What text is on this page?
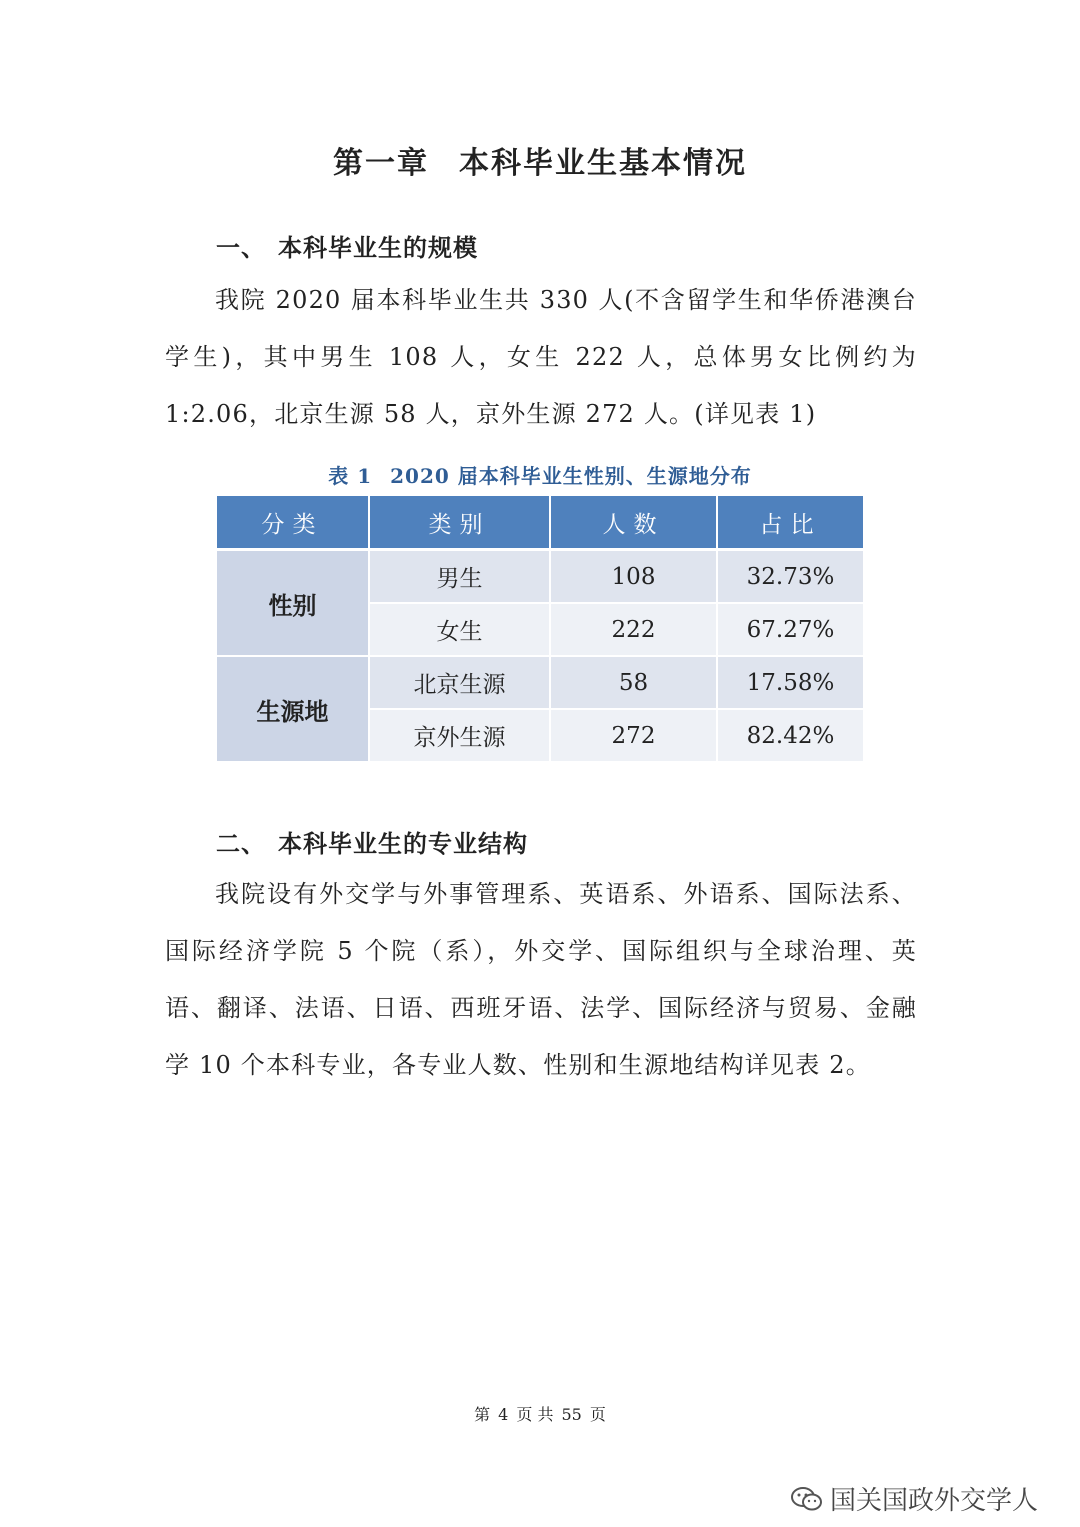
第一章 本科毕业生基本情况
一、 本科毕业生的规模

我院 2020 届本科毕业生共 330 人(不含留学生和华侨港澳台学生)，其中男生 108 人，女生 222 人，总体男女比例约为 1:2.06，北京生源 58 人，京外生源 272 人。(详见表 1)

表 1 2020 届本科毕业生性别、生源地分布
分类	类别	人数	占比
性别	男生	108	32.73%
	女生	222	67.27%
生源地	北京生源	58	17.58%
	京外生源	272	82.42%
二、 本科毕业生的专业结构

我院设有外交学与外事管理系、英语系、外语系、国际法系、国际经济学院 5 个院（系），外交学、国际组织与全球治理、英语、翻译、法语、日语、西班牙语、法学、国际经济与贸易、金融学 10 个本科专业，各专业人数、性别和生源地结构详见表 2。

第 4 页 共 55 页
国关国政外交学人
